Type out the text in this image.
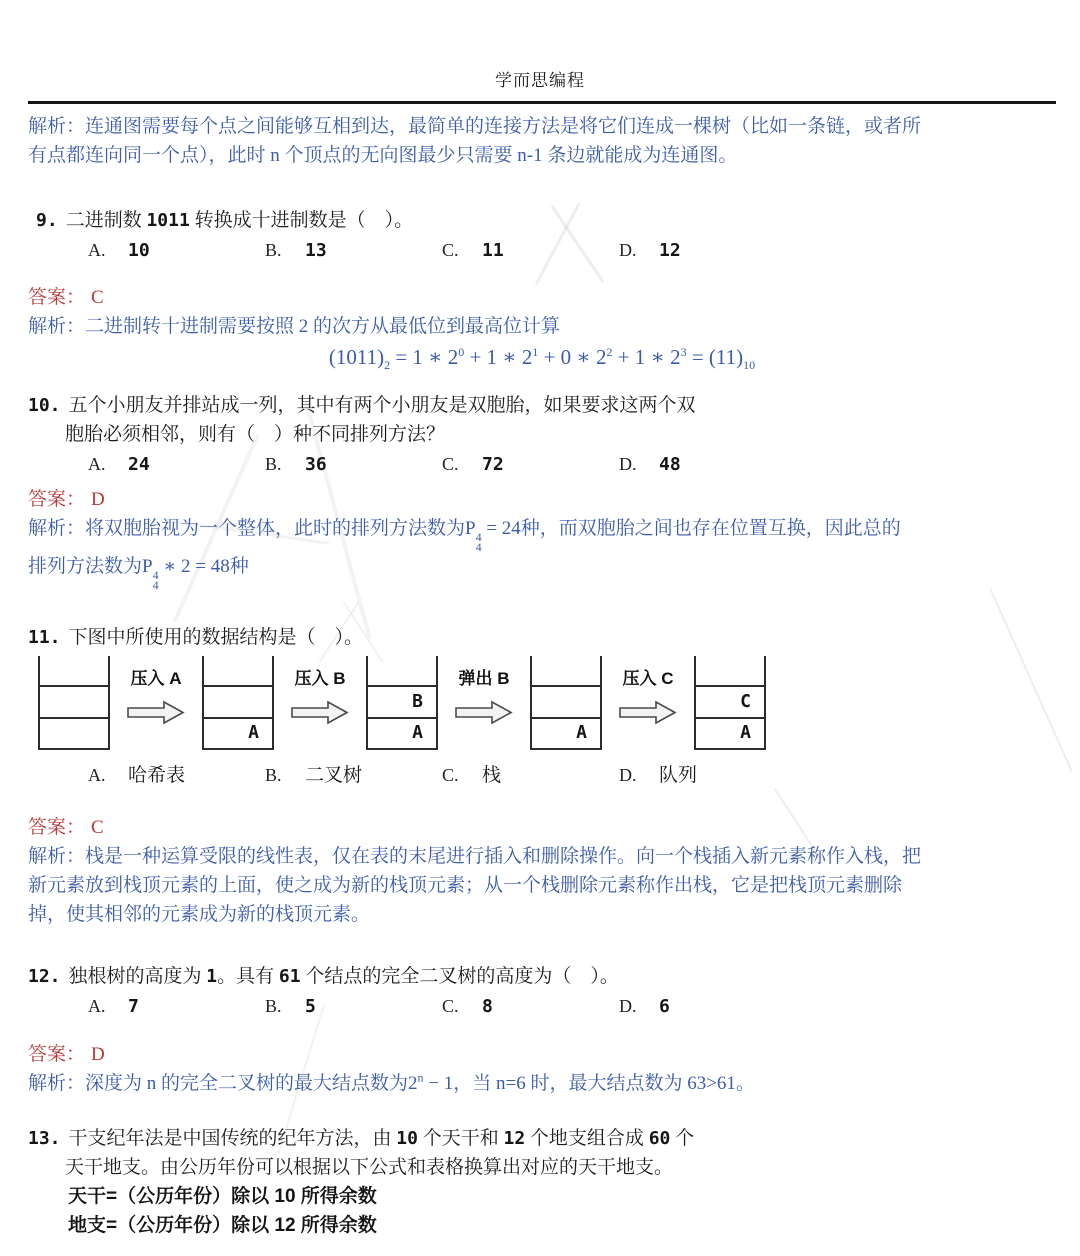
学而思编程

解析：连通图需要每个点之间能够互相到达，最简单的连接方法是将它们连成一棵树（比如一条链，或者所
有点都连向同一个点），此时 n 个顶点的无向图最少只需要 n-1 条边就能成为连通图。

9. 二进制数 1011 转换成十进制数是（　）。

A. 10	B. 13	C. 11	D. 12

答案： C

解析：二进制转十进制需要按照 2 的次方从最低位到最高位计算

$(1011)_2 = 1$ ∗ $2^0 + 1$ ∗ $2^1 + 0$ ∗ $2^2 + 1$ ∗ $2^3 = (11)_{10}$

10. 五个小朋友并排站成一列，其中有两个小朋友是双胞胎，如果要求这两个双
胞胎必须相邻，则有（　）种不同排列方法？

A. 24	B. 36	C. 72	D. 48

答案： D

解析：将双胞胎视为一个整体，此时的排列方法数为P 4
4
= 24种，而双胞胎之间也存在位置互换，因此总的
排列方法数为P 4
4
∗ 2 = 48种

11. 下图中所使用的数据结构是（　）。

压入 A
A
压入 B
B
A
弹出 B
A
压入 C
C
A
A. 哈希表	B. 二叉树	C. 栈	D. 队列

答案： C

解析：栈是一种运算受限的线性表，仅在表的末尾进行插入和删除操作。向一个栈插入新元素称作入栈，把
新元素放到栈顶元素的上面，使之成为新的栈顶元素；从一个栈删除元素称作出栈，它是把栈顶元素删除
掉，使其相邻的元素成为新的栈顶元素。

12. 独根树的高度为 1。具有 61 个结点的完全二叉树的高度为（　）。

A. 7	B. 5	C. 8	D. 6

答案： D

解析：深度为 n 的完全二叉树的最大结点数为$2^n - 1$，当 n=6 时，最大结点数为 63>61。

13. 干支纪年法是中国传统的纪年方法，由 10 个天干和 12 个地支组合成 60 个
天干地支。由公历年份可以根据以下公式和表格换算出对应的天干地支。

天干=（公历年份）除以 10 所得余数

地支=（公历年份）除以 12 所得余数
